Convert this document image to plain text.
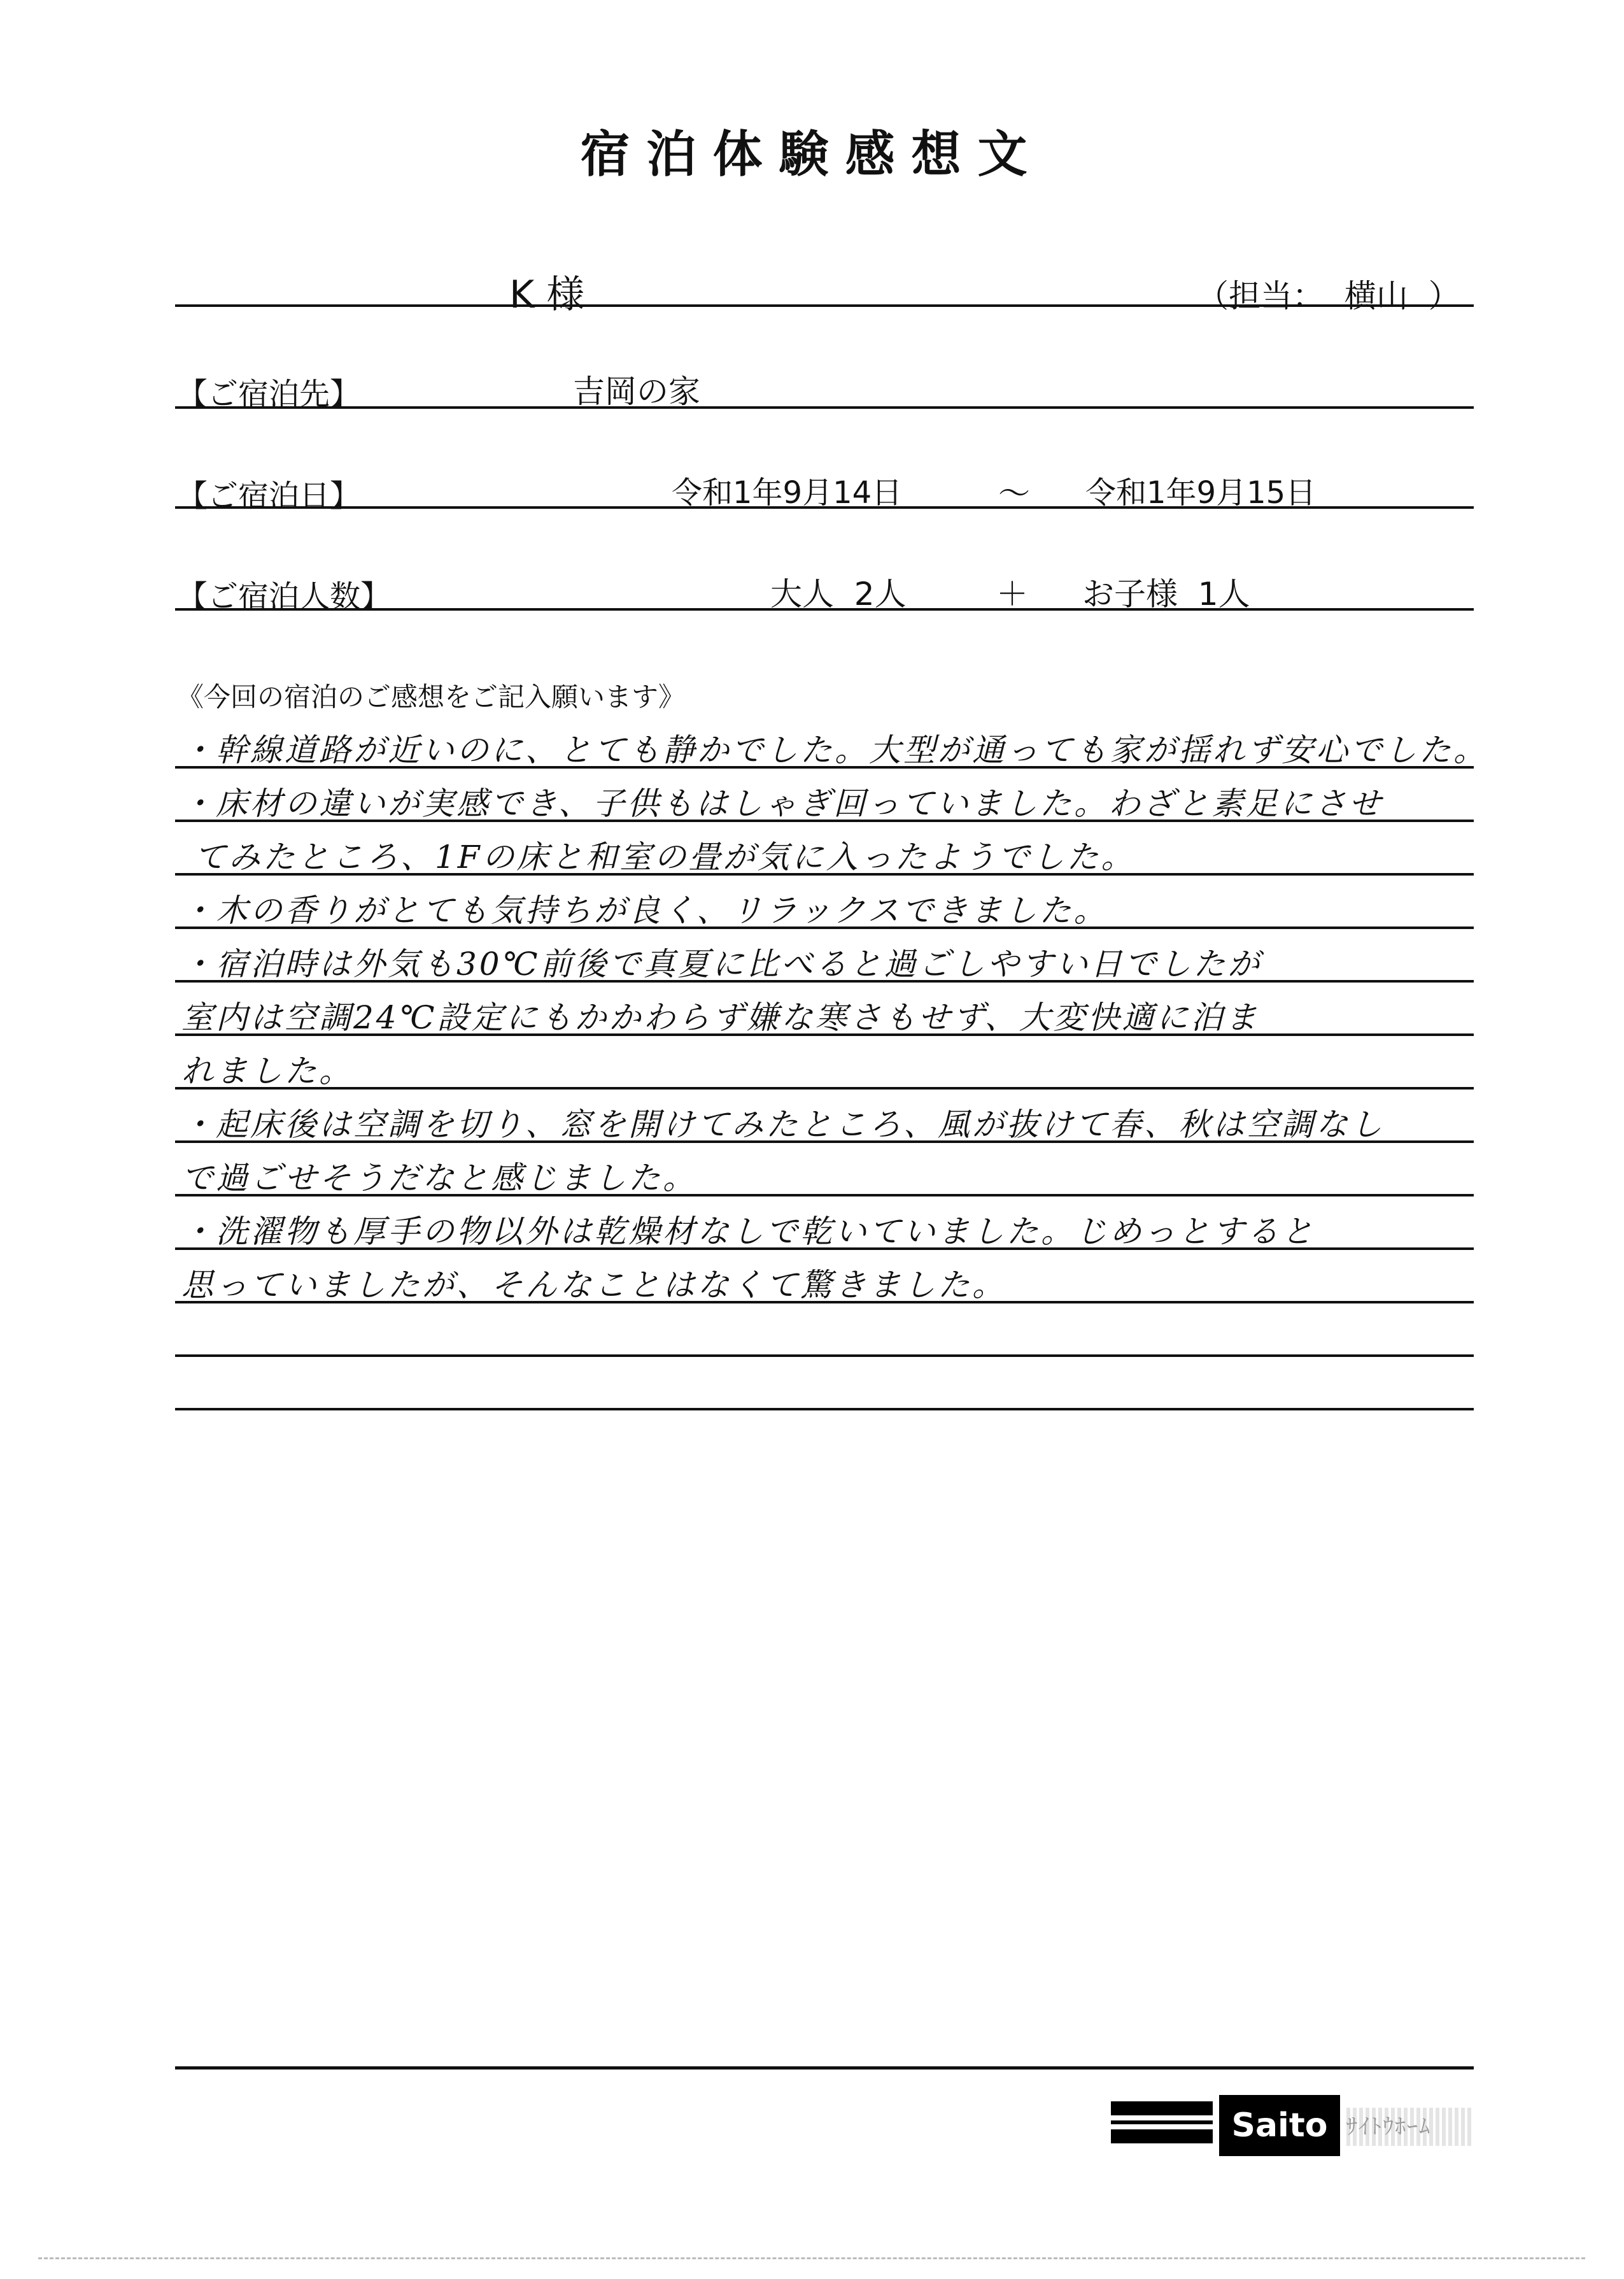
宿泊体験感想文
K 様	（担当：  横山  ）
【ご宿泊先】	吉岡の家
【ご宿泊日】	令和1年9月14日	～ 令和1年9月15日
【ご宿泊人数】	大人  2人	＋ お子様  1人
《今回の宿泊のご感想をご記入願います》
・幹線道路が近いのに、とても静かでした。大型が通っても家が揺れず安心でした。
・床材の違いが実感でき、子供もはしゃぎ回っていました。わざと素足にさせ
てみたところ、1Fの床と和室の畳が気に入ったようでした。
・木の香りがとても気持ちが良く、リラックスできました。
・宿泊時は外気も30℃前後で真夏に比べると過ごしやすい日でしたが
室内は空調24℃設定にもかかわらず嫌な寒さもせず、大変快適に泊ま
れました。
・起床後は空調を切り、窓を開けてみたところ、風が抜けて春、秋は空調なし
で過ごせそうだなと感じました。
・洗濯物も厚手の物以外は乾燥材なしで乾いていました。じめっとすると
思っていましたが、そんなことはなくて驚きました。
Saito ｻｲﾄｳﾎｰﾑ
